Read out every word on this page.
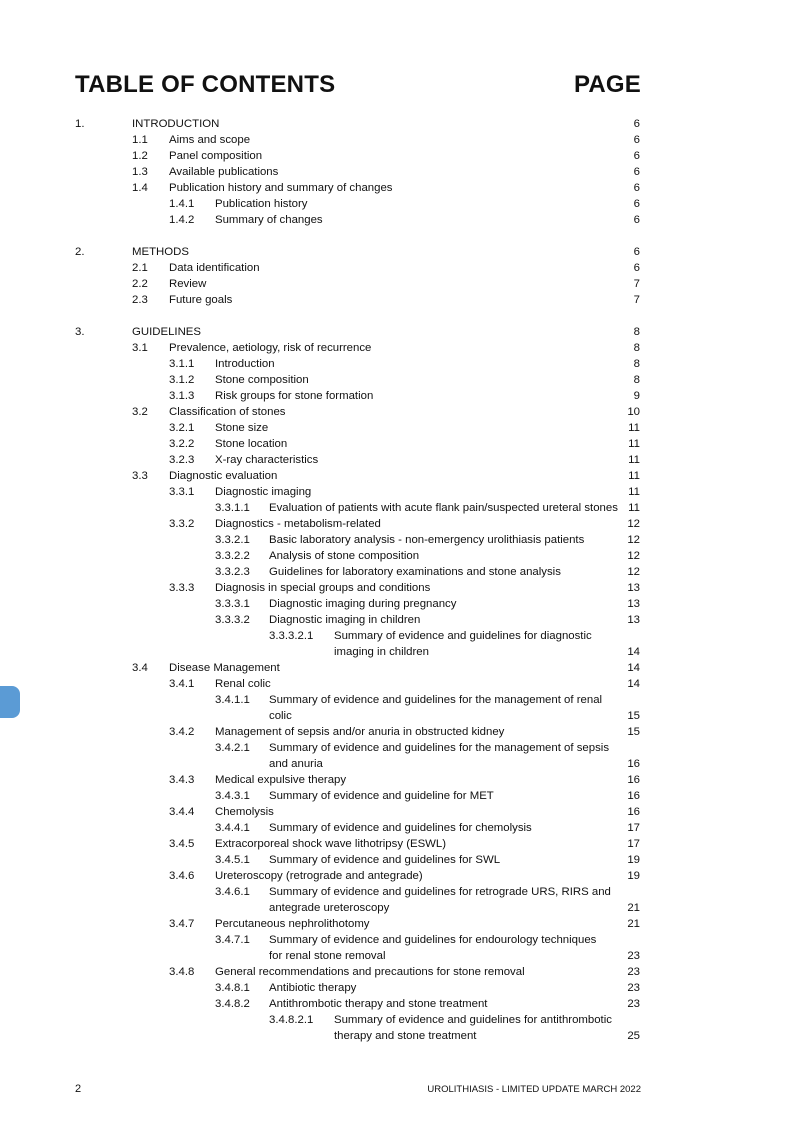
TABLE OF CONTENTS	PAGE
1.	INTRODUCTION	6
1.1 Aims and scope	6
1.2 Panel composition	6
1.3 Available publications	6
1.4 Publication history and summary of changes	6
1.4.1 Publication history	6
1.4.2 Summary of changes	6
2.	METHODS	6
2.1 Data identification	6
2.2 Review	7
2.3 Future goals	7
3.	GUIDELINES	8
3.1 Prevalence, aetiology, risk of recurrence	8
3.1.1 Introduction	8
3.1.2 Stone composition	8
3.1.3 Risk groups for stone formation	9
3.2 Classification of stones	10
3.2.1 Stone size	11
3.2.2 Stone location	11
3.2.3 X-ray characteristics	11
3.3 Diagnostic evaluation	11
3.3.1 Diagnostic imaging	11
3.3.1.1 Evaluation of patients with acute flank pain/suspected ureteral stones 11
3.3.2 Diagnostics - metabolism-related	12
3.3.2.1 Basic laboratory analysis - non-emergency urolithiasis patients	12
3.3.2.2 Analysis of stone composition	12
3.3.2.3 Guidelines for laboratory examinations and stone analysis	12
3.3.3 Diagnosis in special groups and conditions	13
3.3.3.1 Diagnostic imaging during pregnancy	13
3.3.3.2 Diagnostic imaging in children	13
3.3.3.2.1 Summary of evidence and guidelines for diagnostic
imaging in children	14
3.4 Disease Management	14
3.4.1 Renal colic	14
3.4.1.1 Summary of evidence and guidelines for the management of renal
colic	15
3.4.2 Management of sepsis and/or anuria in obstructed kidney	15
3.4.2.1 Summary of evidence and guidelines for the management of sepsis
and anuria	16
3.4.3 Medical expulsive therapy	16
3.4.3.1 Summary of evidence and guideline for MET	16
3.4.4 Chemolysis	16
3.4.4.1 Summary of evidence and guidelines for chemolysis	17
3.4.5 Extracorporeal shock wave lithotripsy (ESWL)	17
3.4.5.1 Summary of evidence and guidelines for SWL	19
3.4.6 Ureteroscopy (retrograde and antegrade)	19
3.4.6.1 Summary of evidence and guidelines for retrograde URS, RIRS and
antegrade ureteroscopy	21
3.4.7 Percutaneous nephrolithotomy	21
3.4.7.1 Summary of evidence and guidelines for endourology techniques
for renal stone removal	23
3.4.8 General recommendations and precautions for stone removal	23
3.4.8.1 Antibiotic therapy	23
3.4.8.2 Antithrombotic therapy and stone treatment	23
3.4.8.2.1 Summary of evidence and guidelines for antithrombotic
therapy and stone treatment	25
2	UROLITHIASIS - LIMITED UPDATE MARCH 2022
